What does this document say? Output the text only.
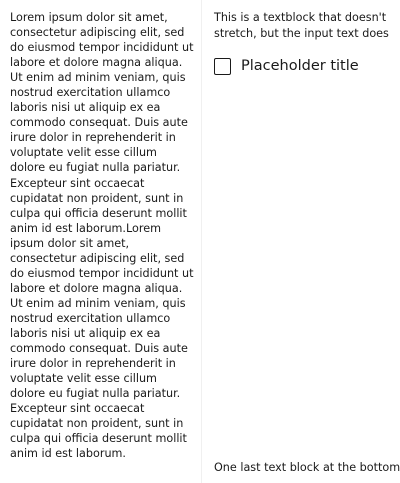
Lorem ipsum dolor sit amet, consectetur adipiscing elit, sed do eiusmod tempor incididunt ut labore et dolore magna aliqua. Ut enim ad minim veniam, quis nostrud exercitation ullamco laboris nisi ut aliquip ex ea commodo consequat. Duis aute irure dolor in reprehenderit in voluptate velit esse cillum dolore eu fugiat nulla pariatur. Excepteur sint occaecat cupidatat non proident, sunt in culpa qui officia deserunt mollit anim id est laborum.Lorem ipsum dolor sit amet, consectetur adipiscing elit, sed do eiusmod tempor incididunt ut labore et dolore magna aliqua. Ut enim ad minim veniam, quis nostrud exercitation ullamco laboris nisi ut aliquip ex ea commodo consequat. Duis aute irure dolor in reprehenderit in voluptate velit esse cillum dolore eu fugiat nulla pariatur. Excepteur sint occaecat cupidatat non proident, sunt in culpa qui officia deserunt mollit anim id est laborum.

This is a textblock that doesn't stretch, but the input text does

Placeholder title

One last text block at the bottom
